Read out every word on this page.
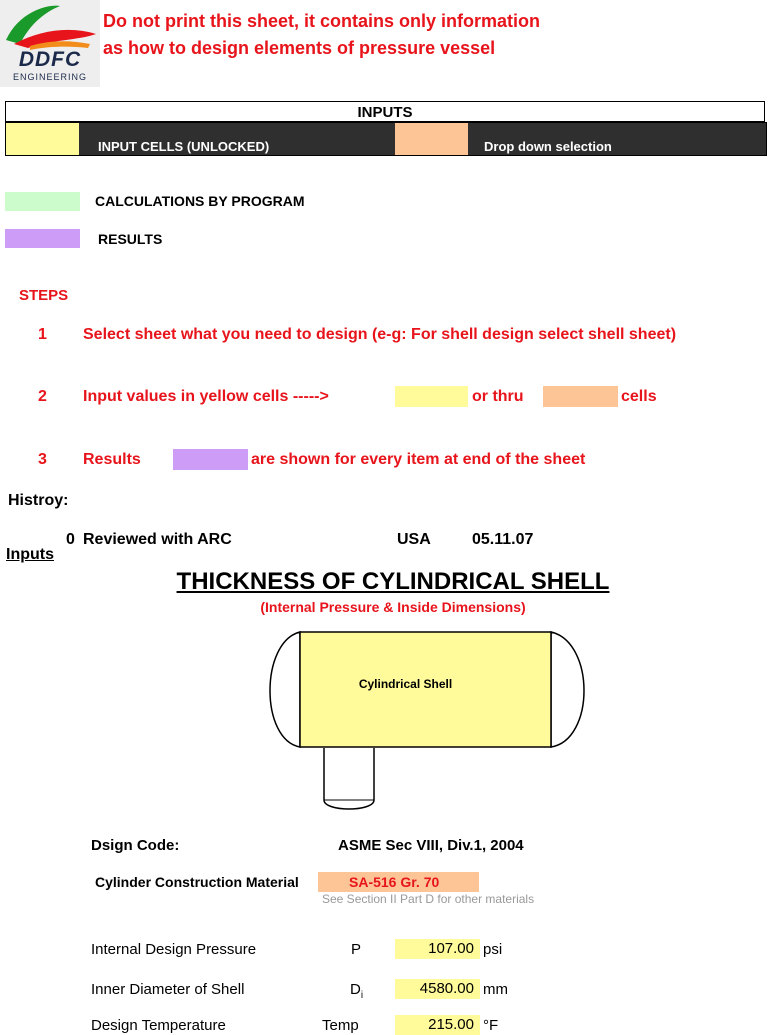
DDFC
ENGINEERING
Do not print this sheet, it contains only information
as how to design elements of pressure vessel
INPUTS
INPUT CELLS (UNLOCKED)	Drop down selection
CALCULATIONS BY PROGRAM
RESULTS
STEPS
1 Select sheet what you need to design (e-g: For shell design select shell sheet)
2 Input values in yellow cells ----->	or thru	cells
3 Results	are shown for every item at end of the sheet
Histroy:
0 Reviewed with ARC	USA	05.11.07
Inputs
THICKNESS OF CYLINDRICAL SHELL
(Internal Pressure & Inside Dimensions)
Cylindrical Shell
Dsign Code:	ASME Sec VIII, Div.1, 2004
Cylinder Construction Material	SA-516 Gr. 70
See Section II Part D for other materials
Internal Design Pressure	P	107.00 psi
Inner Diameter of Shell	$D_i$	4580.00 mm
Design Temperature	Temp	215.00 °F
